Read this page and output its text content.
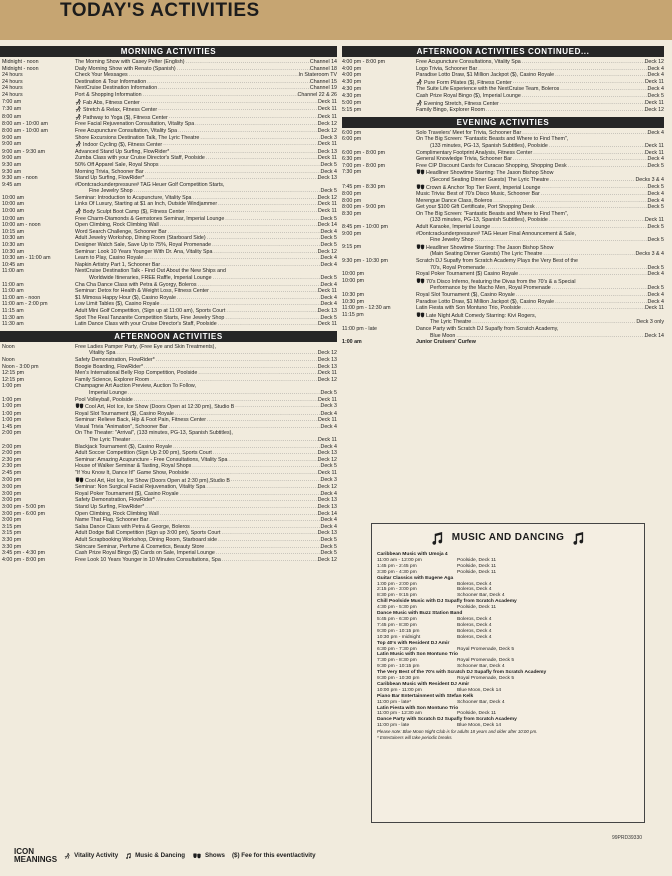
TODAY'S ACTIVITIES
MORNING ACTIVITIES
Midnight - noon	The Morning Show with Casey Pelter (English) .....	Channel 14
Midnight - noon	Daily Morning Show with Renato (Spanish) .....	Channel 18
24 hours	Check Your Messages .....	In Stateroom TV
24 hours	Destination & Tour Information .....	Channel 15
24 hours	NextCruise Destination Information .....	Channel 19
24 hours	Port & Shopping Information .....	Channel 22 & 26
7:00 am	Fab Abs, Fitness Center .....	Deck 11
7:30 am	Stretch & Relax, Fitness Center .....	Deck 11
8:00 am	Pathway to Yoga ($), Fitness Center .....	Deck 11
8:00 am - 10:00 am	Free Facial Rejuvenation Consultation, Vitality Spa .....	Deck 12
8:00 am - 10:00 am	Free Acupuncture Consultation, Vitality Spa .....	Deck 12
9:00 am	Shore Excursions Destination Talk, The Lyric Theatre .....	Deck 3
9:00 am	Indoor Cycling ($), Fitness Center .....	Deck 11
9:00 am - 9:30 am	Advanced Stand Up Surfing, FlowRider* .....	Deck 13
9:00 am	Zumba Class with your Cruise Director's Staff, Poolside .....	Deck 11
9:30 am	50% Off Apparel Sale, Royal Shops .....	Deck 5
9:30 am	Morning Trivia, Schooner Bar .....	Deck 4
9:30 am - noon	Stand Up Surfing, FlowRider* .....	Deck 13
9:45 am	#Dontcrackunderpressure# TAG Heuer Golf Competition Starts,
Fine Jewelry Shop .....	Deck 5
10:00 am	Seminar: Introduction to Acupuncture, Vitality Spa .....	Deck 12
10:00 am	Links Of Luxury, Starting at $1 an Inch, Outside Windjammer .....	Deck 11
10:00 am	Body Sculpt Boot Camp ($), Fitness Center .....	Deck 11
10:00 am	Free Charm-Diamonds & Gemstones Seminar, Imperial Lounge .....	Deck 5
10:00 am - noon	Open Climbing, Rock Climbing Wall .....	Deck 14
10:15 am	Word Search Challenge, Schooner Bar .....	Deck 4
10:30 am	Adult Jewelry Workshop, Dining Room (Starboard Side) .....	Deck 5
10:30 am	Designer Watch Sale, Save Up to 75%, Royal Promenade .....	Deck 5
10:30 am	Seminar: Look 10 Years Younger With Dr. Ana, Vitality Spa .....	Deck 12
10:30 am - 11:00 am	Learn to Play, Casino Royale .....	Deck 4
10:45 am	Napkin Artistry Part 1, Schooner Bar .....	Deck 4
11:00 am	NextCruise Destination Talk - Find Out About the New Ships and
Worldwide Itineraries, FREE Raffle, Imperial Lounge .....	Deck 5
11:00 am	Cha Cha Dance Class with Petra & Gyorgy, Boleros .....	Deck 4
11:00 am	Seminar: Detox for Health & Weight Loss, Fitness Center .....	Deck 11
11:00 am - noon	$1 Mimosa Happy Hour ($), Casino Royale .....	Deck 4
11:00 am - 2:00 pm	Low Limit Tables ($), Casino Royale .....	Deck 4
11:15 am	Adult Mini Golf Competition, (Sign up at 11:00 am), Sports Court .....	Deck 13
11:30 am	Spot The Real Tanzanite Competition Starts, Fine Jewelry Shop .....	Deck 5
11:30 am	Latin Dance Class with your Cruise Director's Staff, Poolside .....	Deck 11
AFTERNOON ACTIVITIES
Noon	Free Ladies Pamper Party, (Free Eye and Skin Treatments),
Vitality Spa .....	Deck 12
Noon	Safety Demonstration, FlowRider* .....	Deck 13
Noon - 3:00 pm	Boogie Boarding, FlowRider* .....	Deck 13
12:15 pm	Men's International Belly Flop Competition, Poolside .....	Deck 11
12:15 pm	Family Science, Explorer Room .....	Deck 12
1:00 pm	Champagne Art Auction Preview, Auction To Follow,
Imperial Lounge .....	Deck 5
1:00 pm	Pool Volleyball, Poolside .....	Deck 11
1:00 pm	Cool Art, Hot Ice, Ice Show (Doors Open at 12:30 pm), Studio B .....	Deck 3
1:00 pm	Royal Slot Tournament ($), Casino Royale .....	Deck 4
1:00 pm	Seminar: Relieve Back, Hip & Foot Pain, Fitness Center .....	Deck 11
1:45 pm	Visual Trivia "Animation", Schooner Bar .....	Deck 4
2:00 pm	On The Theater: "Arrival", (133 minutes, PG-13, Spanish Subtitles),
The Lyric Theater .....	Deck 11
2:00 pm	Blackjack Tournament ($), Casino Royale .....	Deck 4
2:00 pm	Adult Soccer Competition (Sign Up 2:00 pm), Sports Court .....	Deck 13
2:30 pm	Seminar: Amazing Acupuncture - Free Consultations, Vitality Spa .....	Deck 12
2:30 pm	House of Walker Seminar & Tasting, Royal Shops .....	Deck 5
2:45 pm	"If You Know It, Dance It!" Game Show, Poolside .....	Deck 11
3:00 pm	Cool Art, Hot Ice, Ice Show (Doors Open at 2:30 pm),Studio B .....	Deck 3
3:00 pm	Seminar: Non Surgical Facial Rejuvenation, Vitality Spa .....	Deck 12
3:00 pm	Royal Poker Tournament ($), Casino Royale .....	Deck 4
3:00 pm	Safety Demonstration, FlowRider* .....	Deck 13
3:00 pm - 5:00 pm	Stand Up Surfing, FlowRider* .....	Deck 13
3:00 pm - 6:00 pm	Open Climbing, Rock Climbing Wall .....	Deck 14
3:00 pm	Name That Flag, Schooner Bar .....	Deck 4
3:15 pm	Salsa Dance Class with Petra & George, Boleros .....	Deck 4
3:15 pm	Adult Dodge Ball Competition (Sign up 3:00 pm), Sports Court .....	Deck 13
3:30 pm	Adult Scrapbooking Workshop, Dining Room, Starboard side .....	Deck 5
3:30 pm	Skincare Seminar, Perfume & Cosmetics, Beauty Store .....	Deck 5
3:45 pm - 4:30 pm	Cash Prize Royal Bingo ($) Cards on Sale, Imperial Lounge .....	Deck 5
4:00 pm - 8:00 pm	Free Look 10 Years Younger in 10 Minutes Consultations, Spa .....	Deck 12
AFTERNOON ACTIVITIES CONTINUED...
4:00 pm - 8:00 pm	Free Acupuncture Consultations, Vitality Spa .....	Deck 12
4:00 pm	Logo Trivia, Schooner Bar .....	Deck 4
4:00 pm	Paradise Lotto Draw, $1 Million Jackpot ($), Casino Royale .....	Deck 4
4:30 pm	Pure Form Pilates ($), Fitness Center .....	Deck 11
4:30 pm	The Suite Life Experience with the NextCruise Team, Boleros .....	Deck 4
4:30 pm	Cash Prize Royal Bingo ($), Imperial Lounge .....	Deck 5
5:00 pm	Evening Stretch, Fitness Center .....	Deck 11
5:15 pm	Family Bingo, Explorer Room .....	Deck 12
EVENING ACTIVITIES
6:00 pm	Solo Travelers' Meet for Trivia, Schooner Bar .....	Deck 4
6:00 pm	On The Big Screen: "Fantastic Beasts and Where to Find Them",
(133 minutes, PG-13, Spanish Subtitles), Poolside .....	Deck 11
6:00 pm - 8:00 pm	Complimentary Footprint Analysis, Fitness Center .....	Deck 11
6:30 pm	General Knowledge Trivia, Schooner Bar .....	Deck 4
7:00 pm - 8:00 pm	Free CIP Discount Cards for Curacao Shopping, Shopping Desk .....	Deck 5
7:30 pm	Headliner Showtime Starring: The Jason Bishop Show
(Second Seating Dinner Guests) The Lyric Theatre .....	Decks 3 & 4
7:45 pm - 8:30 pm	Crown & Anchor Top Tier Event, Imperial Lounge .....	Deck 5
8:00 pm	Music Trivia: Best of 70's Disco Music, Schooner Bar .....	Deck 4
8:00 pm	Merengue Dance Class, Boleros .....	Deck 4
8:00 pm - 9:00 pm	Get your $100 Gift Certificate, Port Shopping Desk .....	Deck 5
8:30 pm	On The Big Screen: "Fantastic Beasts and Where to Find Them",
(133 minutes, PG-13, Spanish Subtitles), Poolside .....	Deck 11
8:45 pm - 10:00 pm	Adult Karaoke, Imperial Lounge .....	Deck 5
9:00 pm	#Dontcrackunderpressure# TAG Heuer Final Announcement & Sale,
Fine Jewelry Shop .....	Deck 5
9:15 pm	Headliner Showtime Starring: The Jason Bishop Show
(Main Seating Dinner Guests) The Lyric Theatre .....	Decks 3 & 4
9:30 pm - 10:30 pm	Scratch DJ Supafly from Scratch Academy Plays the Very Best of the
70's, Royal Promenade .....	Deck 5
10:00 pm	Royal Poker Tournament ($) Casino Royale .....	Deck 4
10:00 pm	70's Disco Inferno, featuring the Divas from the 70's & a Special
Performance by the Macho Men, Royal Promenade .....	Deck 5
10:30 pm	Royal Slot Tournament ($), Casino Royale .....	Deck 4
10:30 pm	Paradise Lotto Draw, $1 Million Jackpot ($), Casino Royale .....	Deck 4
11:00 pm - 12:30 am	Latin Fiesta with Son Montuno Trio, Poolside .....	Deck 11
11:15 pm	Late Night Adult Comedy Starring: Kivi Rogers,
The Lyric Theatre .....	Deck 3 only
11:00 pm - late	Dance Party with Scratch DJ Supafly from Scratch Academy,
Blue Moon .....	Deck 14
1:00 am	Junior Cruisers' Curfew
MUSIC AND DANCING
Caribbean Music with Umoja 4
11:00 am - 12:00 pm	Poolside, Deck 11
1:45 pm - 2:45 pm	Poolside, Deck 11
3:30 pm - 4:30 pm	Poolside, Deck 11
Guitar Classics with Eugene Aga
1:00 pm - 2:00 pm	Boleros, Deck 4
2:15 pm - 3:00 pm	Boleros, Deck 4
8:30 pm - 9:15 pm	Schooner Bar, Deck 4
Chill Poolside Music with DJ Supafly from Scratch Academy
4:30 pm - 5:30 pm	Poolside, Deck 11
Dance Music with Buzz Station Band
5:45 pm - 6:30 pm	Boleros, Deck 4
7:45 pm - 8:30 pm	Boleros, Deck 4
9:30 pm - 10:15 pm	Boleros, Deck 4
10:30 pm - midnight	Boleros, Deck 4
Top 40's with Resident DJ Amir
6:30 pm - 7:30 pm	Royal Promenade, Deck 5
Latin Music with Son Montuno Trio
7:30 pm - 8:30 pm	Royal Promenade, Deck 5
9:30 pm - 10:15 pm	Schooner Bar, Deck 4
The Very Best of the 70's with Scratch DJ Supafly from Scratch Academy
9:30 pm - 10:30 pm	Royal Promenade, Deck 5
Caribbean Music with Resident DJ Amir
10:00 pm - 11:00 pm	Blue Moon, Deck 14
Piano Bar Entertainment with Stefan Kelk
11:00 pm - late*	Schooner Bar, Deck 4
Latin Fiesta with Son Montuno Trio
11:00 pm - 12:30 am	Poolside, Deck 11
Dance Party with Scratch DJ Supafly from Scratch Academy
11:00 pm - late	Blue Moon, Deck 14
Please note: Blue Moon Night Club is for adults 18 years and older after 10:00 pm.
* Entertainers will take periodic breaks.
99PRD39330
ICON
MEANINGS	Vitality Activity	Music & Dancing	Shows ($) Fee for this event/activity
